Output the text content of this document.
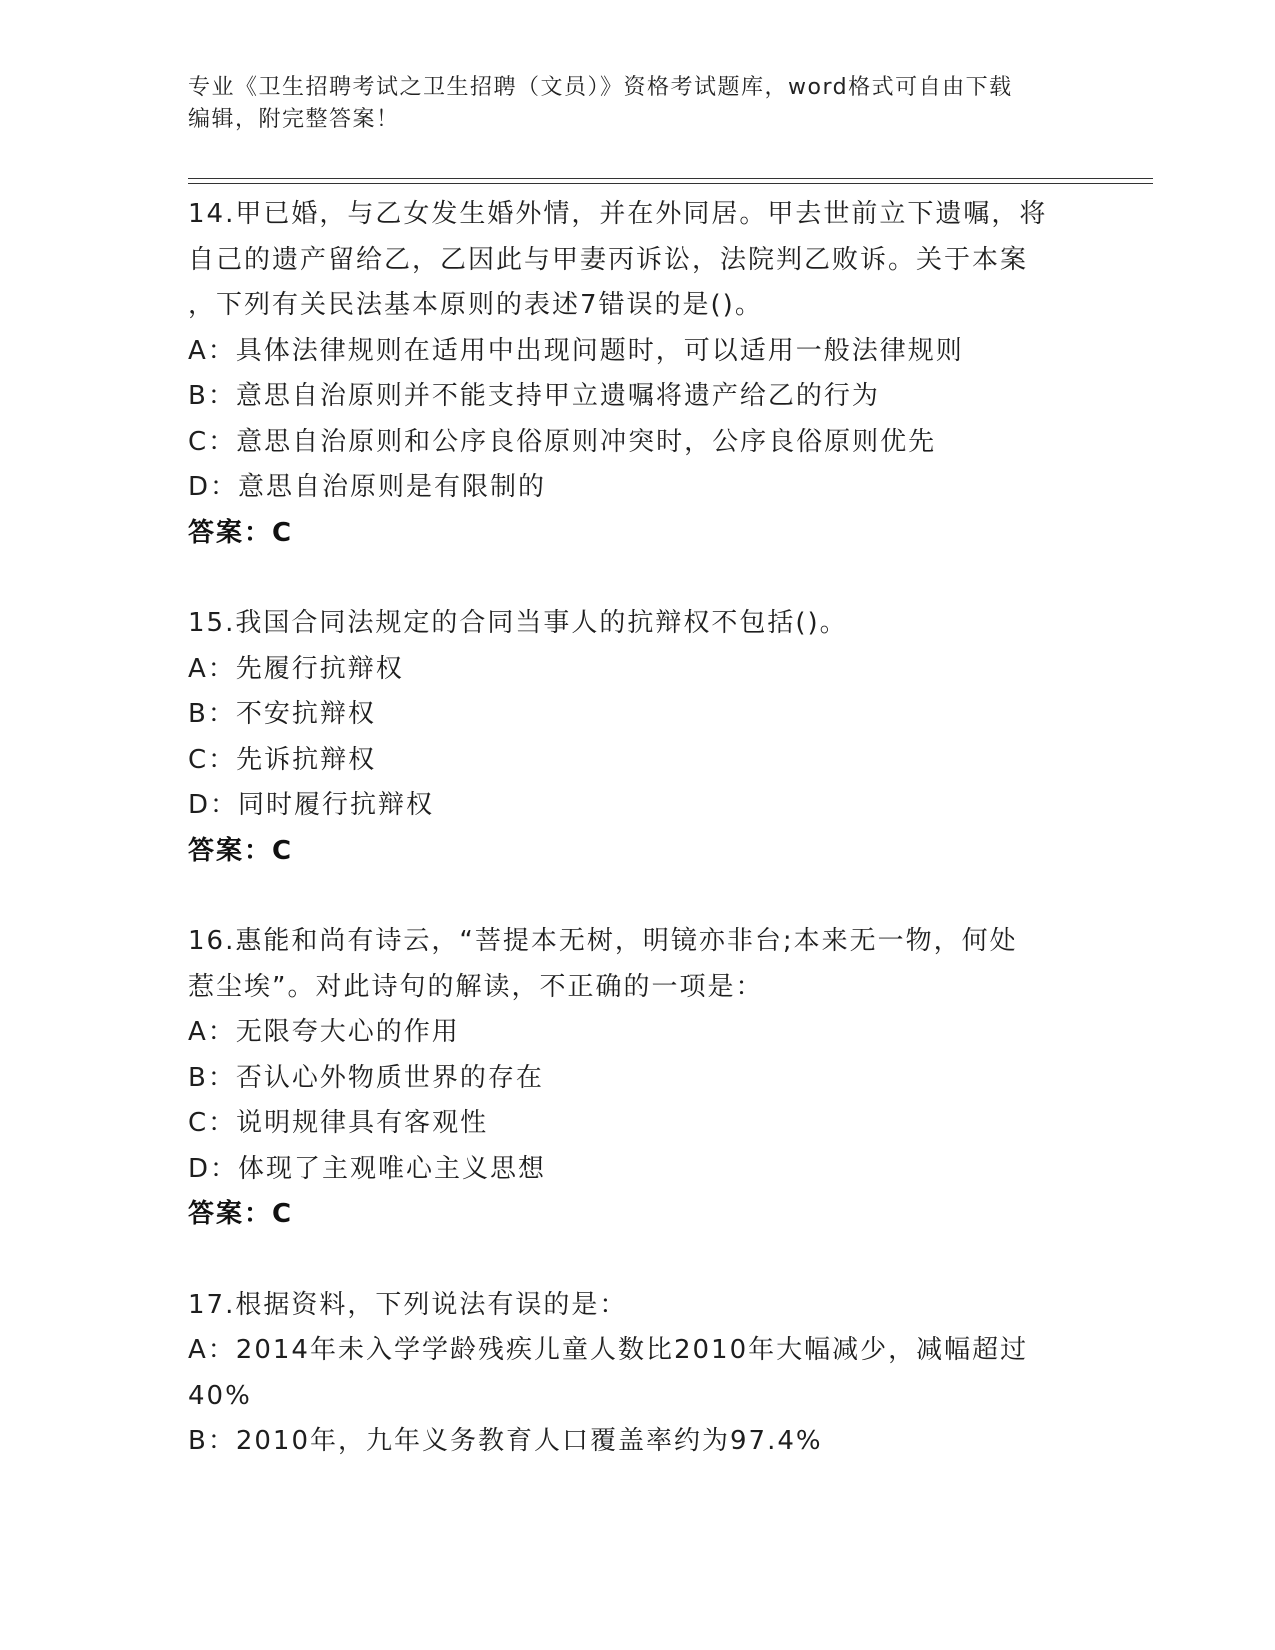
专业《卫生招聘考试之卫生招聘（文员）》资格考试题库，word格式可自由下载
编辑，附完整答案！
14.甲已婚，与乙女发生婚外情，并在外同居。甲去世前立下遗嘱，将
自己的遗产留给乙，乙因此与甲妻丙诉讼，法院判乙败诉。关于本案
，下列有关民法基本原则的表述7错误的是()。
A：具体法律规则在适用中出现问题时，可以适用一般法律规则
B：意思自治原则并不能支持甲立遗嘱将遗产给乙的行为
C：意思自治原则和公序良俗原则冲突时，公序良俗原则优先
D：意思自治原则是有限制的
答案：C
15.我国合同法规定的合同当事人的抗辩权不包括()。
A：先履行抗辩权
B：不安抗辩权
C：先诉抗辩权
D：同时履行抗辩权
答案：C
16.惠能和尚有诗云，“菩提本无树，明镜亦非台;本来无一物，何处
惹尘埃”。对此诗句的解读，不正确的一项是：
A：无限夸大心的作用
B：否认心外物质世界的存在
C：说明规律具有客观性
D：体现了主观唯心主义思想
答案：C
17.根据资料，下列说法有误的是：
A：2014年未入学学龄残疾儿童人数比2010年大幅减少，减幅超过
40%
B：2010年，九年义务教育人口覆盖率约为97.4%
